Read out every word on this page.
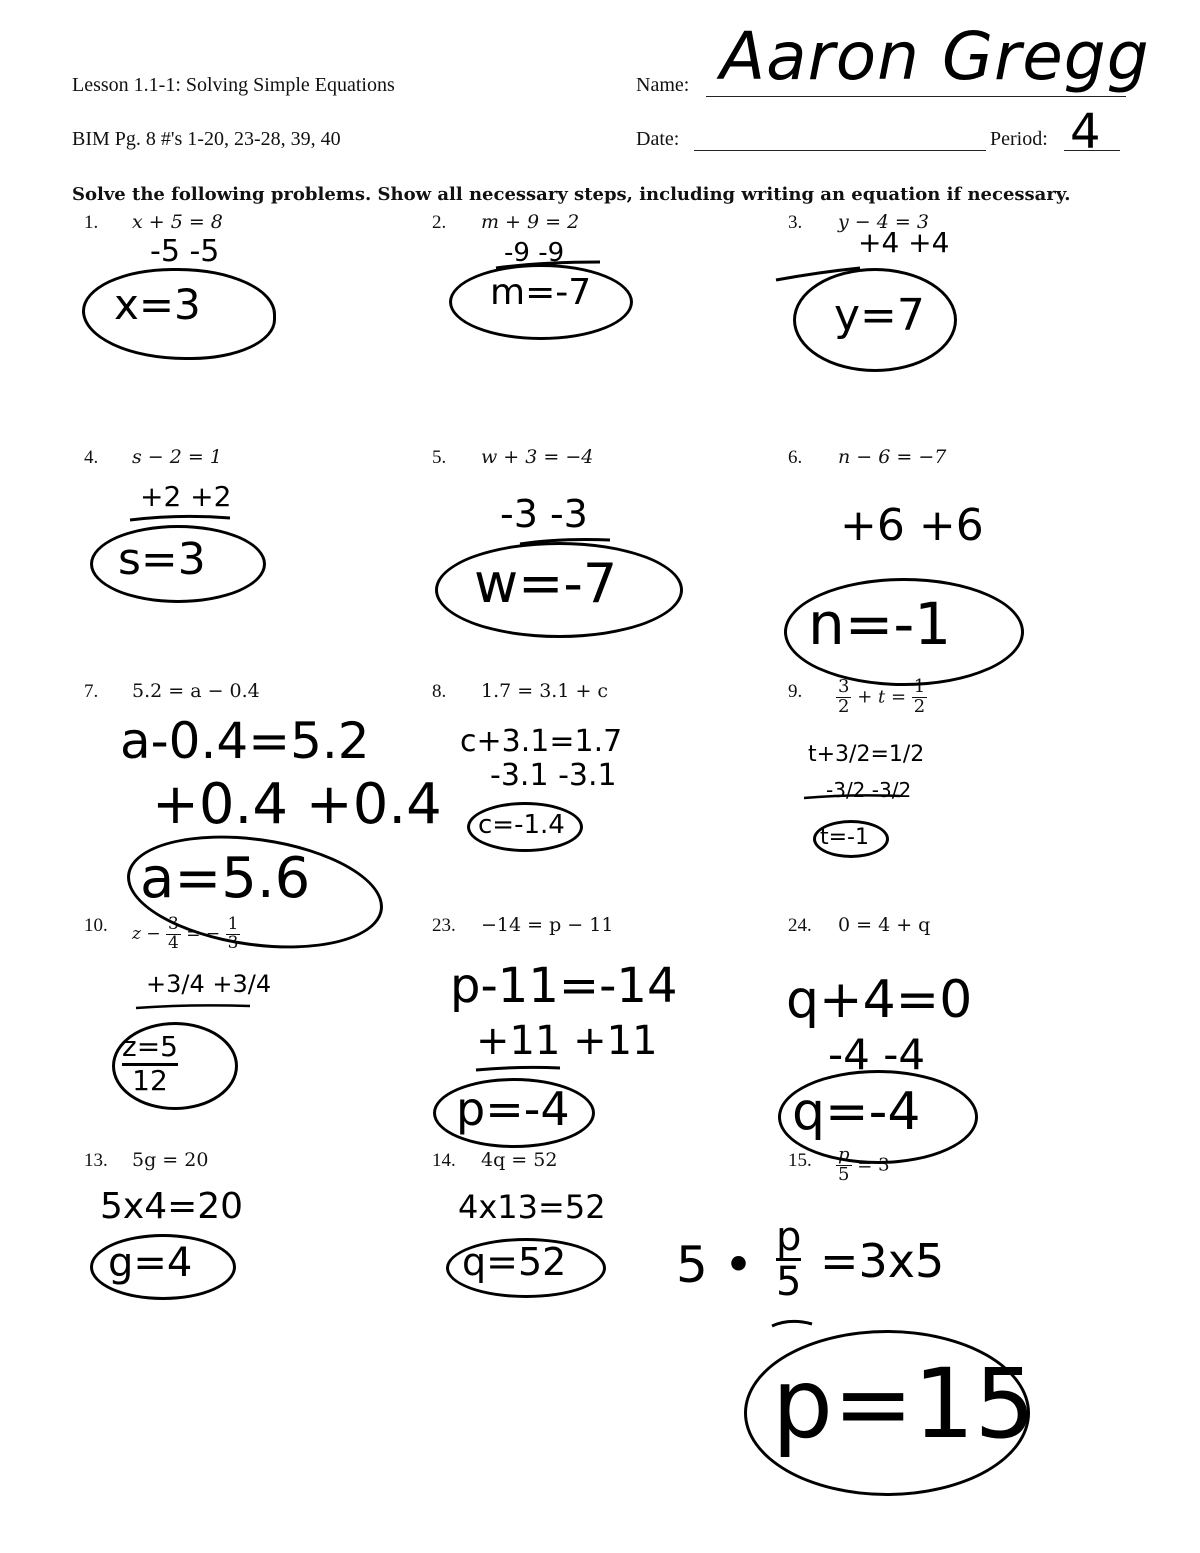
Lesson 1.1-1: Solving Simple Equations
BIM Pg. 8 #'s 1-20, 23-28, 39, 40
Name: Aaron Gregg
Date:	Period: 4
Solve the following problems. Show all necessary steps, including writing an equation if necessary.
1. x + 5 = 8	2. m + 9 = 2	3. y − 4 = 3
4. s − 2 = 1	5. w + 3 = −4	6. n − 6 = −7
7. 5.2 = a − 0.4	8. 1.7 = 3.1 + c	9. $\frac{3}{2} + t = \frac{1}{2}$
10. $z - \frac{3}{4}$ = − $\frac{1}{3}$	23. −14 = p − 11	24. 0 = 4 + q
13. 5g = 20	14. 4q = 52	15. $\frac{p}{5} = 3$
-5 -5
x=3
-9 -9
m=-7
+4 +4
y=7
+2 +2
s=3
-3 -3
w=-7
+6 +6
n=-1
a-0.4=5.2
+0.4 +0.4
a=5.6
c+3.1=1.7
-3.1 -3.1
c=-1.4
t+3/2=1/2
-3/2 -3/2
t=-1
+3/4 +3/4
$\frac{z=5}{12}$
p-11=-14
+11 +11
p=-4
q+4=0
-4 -4
q=-4
5x4=20
g=4
4x13=52
q=52 5 • $\frac{p}{5} =3x5$
p=15
